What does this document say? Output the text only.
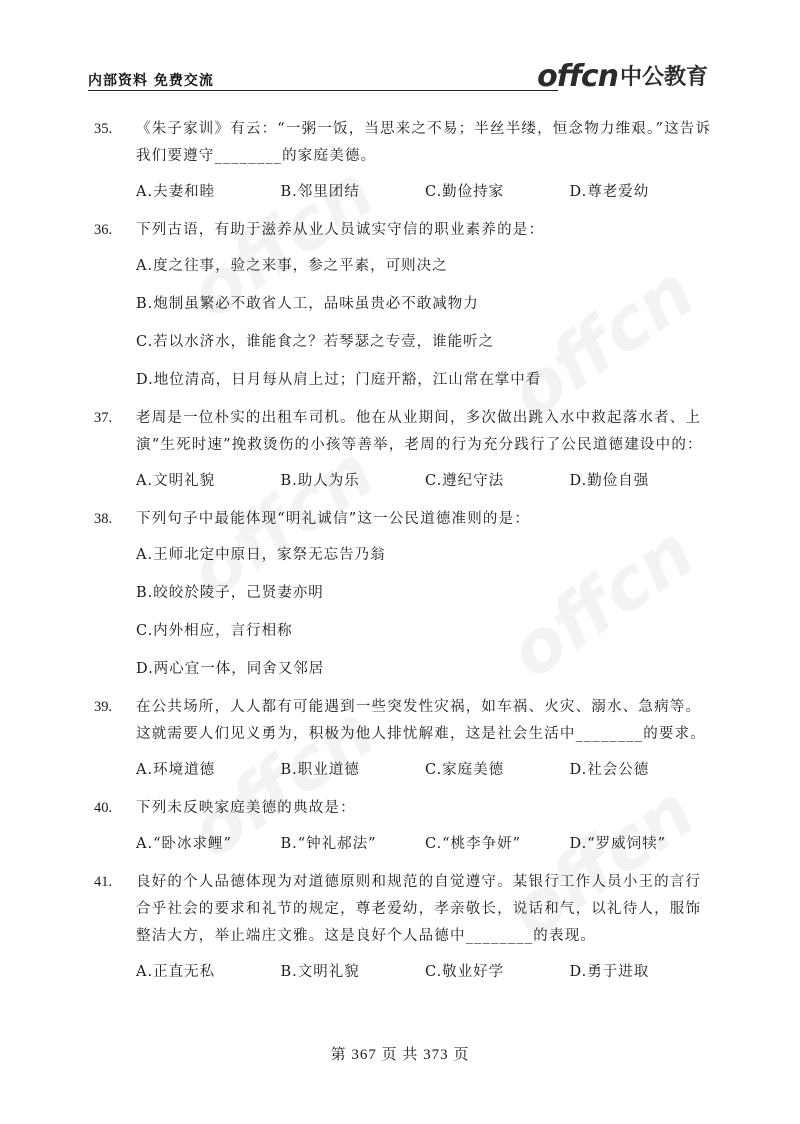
内部资料 免费交流	offcn 中公教育
35. 《朱子家训》有云：“一粥一饭，当思来之不易；半丝半缕，恒念物力维艰。”这告诉我们要遵守________的家庭美德。
A.夫妻和睦	B.邻里团结	C.勤俭持家	D.尊老爱幼
36. 下列古语，有助于滋养从业人员诚实守信的职业素养的是：
A.度之往事，验之来事，参之平素，可则决之
B.炮制虽繁必不敢省人工，品味虽贵必不敢减物力
C.若以水济水，谁能食之？若琴瑟之专壹，谁能听之
D.地位清高，日月每从肩上过；门庭开豁，江山常在掌中看
37. 老周是一位朴实的出租车司机。他在从业期间，多次做出跳入水中救起落水者、上演“生死时速”挽救烫伤的小孩等善举，老周的行为充分践行了公民道德建设中的：
A.文明礼貌	B.助人为乐	C.遵纪守法	D.勤俭自强
38. 下列句子中最能体现“明礼诚信”这一公民道德准则的是：
A.王师北定中原日，家祭无忘告乃翁
B.皎皎於陵子，己贤妻亦明
C.内外相应，言行相称
D.两心宜一体，同舍又邻居
39. 在公共场所，人人都有可能遇到一些突发性灾祸，如车祸、火灾、溺水、急病等。这就需要人们见义勇为，积极为他人排忧解难，这是社会生活中________的要求。
A.环境道德	B.职业道德	C.家庭美德	D.社会公德
40. 下列未反映家庭美德的典故是：
A.“卧冰求鲤”	B.“钟礼郝法”	C.“桃李争妍”	D.“罗威饲犊”
41. 良好的个人品德体现为对道德原则和规范的自觉遵守。某银行工作人员小王的言行合乎社会的要求和礼节的规定，尊老爱幼，孝亲敬长，说话和气，以礼待人，服饰整洁大方，举止端庄文雅。这是良好个人品德中________的表现。
A.正直无私	B.文明礼貌	C.敬业好学	D.勇于进取
第 367 页 共 373 页
